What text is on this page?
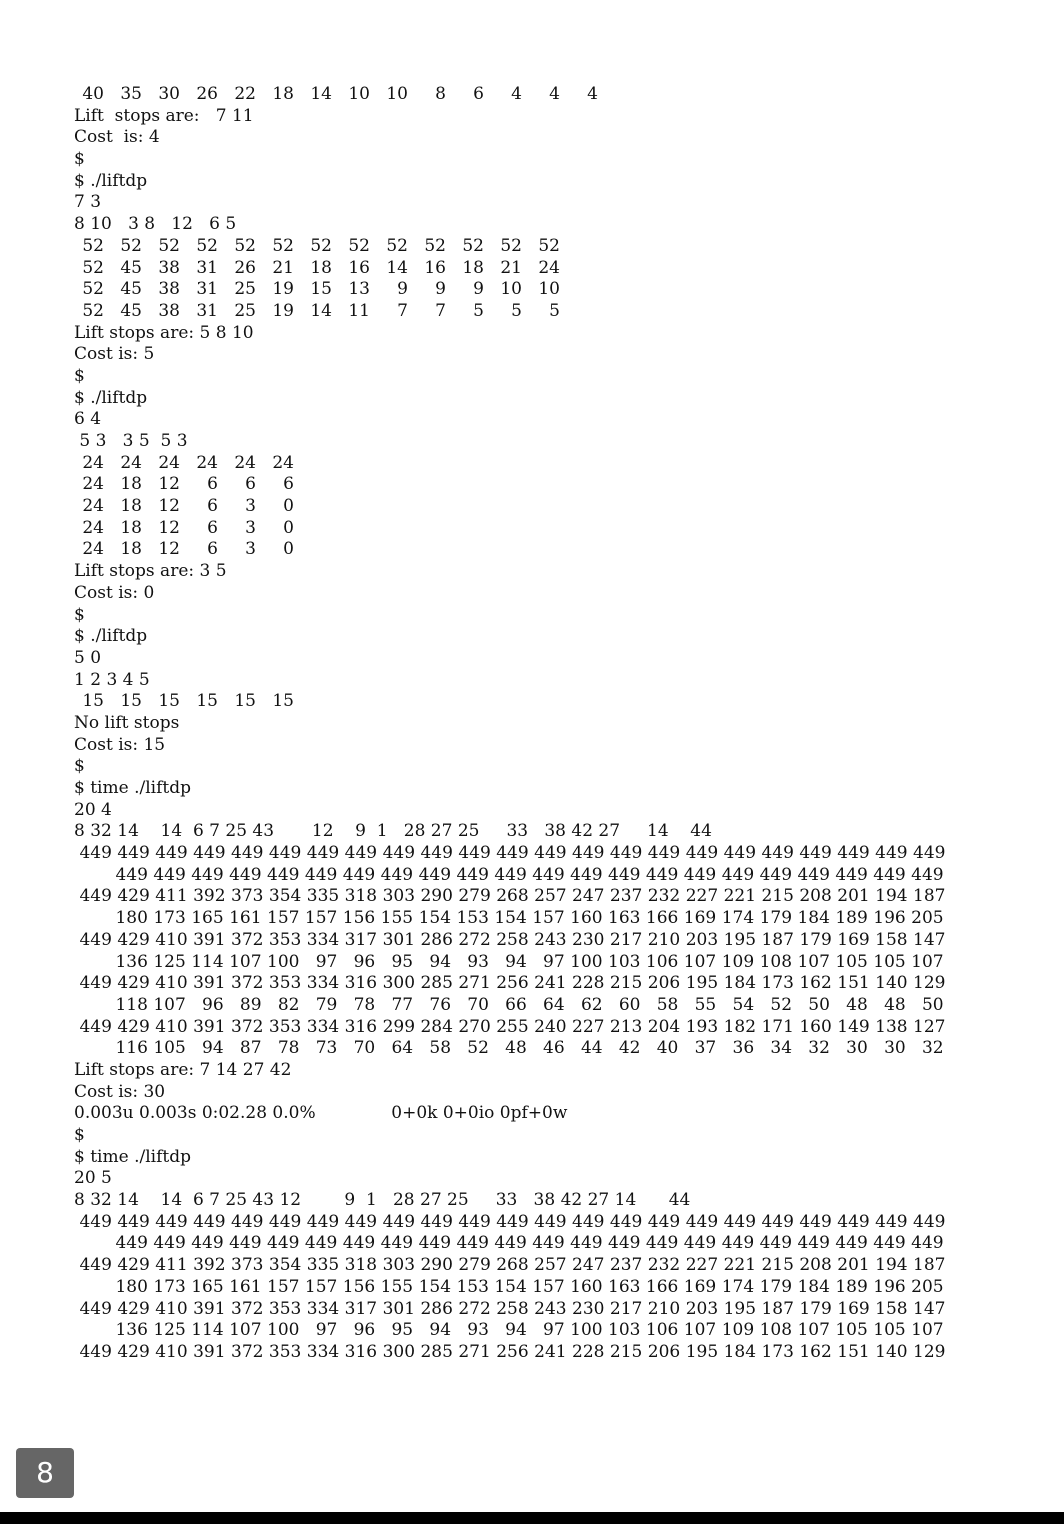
40 35 30 26 22 18 14 10 10	8	6	4	4	4
Lift  stops are:   7 11
Cost  is: 4
$
$ ./liftdp
7 3
8 10   3 8   12   6 5
52 52 52 52 52 52 52 52 52 52 52 52 52
52 45 38 31 26 21 18 16 14 16 18 21 24
52 45 38 31 25 19 15 13	9	9	9 10 10
52 45 38 31 25 19 14 11	7	7	5	5	5
Lift stops are: 5 8 10
Cost is: 5
$
$ ./liftdp
6 4
5 3   3 5  5 3
24 24 24 24 24 24
24 18 12	6	6	6
24 18 12	6	3	0
24 18 12	6	3	0
24 18 12	6	3	0
Lift stops are: 3 5
Cost is: 0
$
$ ./liftdp
5 0
1 2 3 4 5
15 15 15 15 15 15
No lift stops
Cost is: 15
$
$ time ./liftdp
20 4
8 32 14    14  6 7 25 43       12    9  1   28 27 25     33   38 42 27     14    44
449 449 449 449 449 449 449 449 449 449 449 449 449 449 449 449 449 449 449 449 449 449 449
449 449 449 449 449 449 449 449 449 449 449 449 449 449 449 449 449 449 449 449 449 449
449 429 411 392 373 354 335 318 303 290 279 268 257 247 237 232 227 221 215 208 201 194 187
180 173 165 161 157 157 156 155 154 153 154 157 160 163 166 169 174 179 184 189 196 205
449 429 410 391 372 353 334 317 301 286 272 258 243 230 217 210 203 195 187 179 169 158 147
136 125 114 107 100 97 96 95 94 93 94 97 100 103 106 107 109 108 107 105 105 107
449 429 410 391 372 353 334 316 300 285 271 256 241 228 215 206 195 184 173 162 151 140 129
118 107 96 89 82 79 78 77 76 70 66 64 62 60 58 55 54 52 50 48 48 50
449 429 410 391 372 353 334 316 299 284 270 255 240 227 213 204 193 182 171 160 149 138 127
116 105 94 87 78 73 70 64 58 52 48 46 44 42 40 37 36 34 32 30 30 32
Lift stops are: 7 14 27 42
Cost is: 30
0.003u 0.003s 0:02.28 0.0%              0+0k 0+0io 0pf+0w
$
$ time ./liftdp
20 5
8 32 14    14  6 7 25 43 12        9  1   28 27 25     33   38 42 27 14      44
449 449 449 449 449 449 449 449 449 449 449 449 449 449 449 449 449 449 449 449 449 449 449
449 449 449 449 449 449 449 449 449 449 449 449 449 449 449 449 449 449 449 449 449 449
449 429 411 392 373 354 335 318 303 290 279 268 257 247 237 232 227 221 215 208 201 194 187
180 173 165 161 157 157 156 155 154 153 154 157 160 163 166 169 174 179 184 189 196 205
449 429 410 391 372 353 334 317 301 286 272 258 243 230 217 210 203 195 187 179 169 158 147
136 125 114 107 100 97 96 95 94 93 94 97 100 103 106 107 109 108 107 105 105 107
449 429 410 391 372 353 334 316 300 285 271 256 241 228 215 206 195 184 173 162 151 140 129
8
